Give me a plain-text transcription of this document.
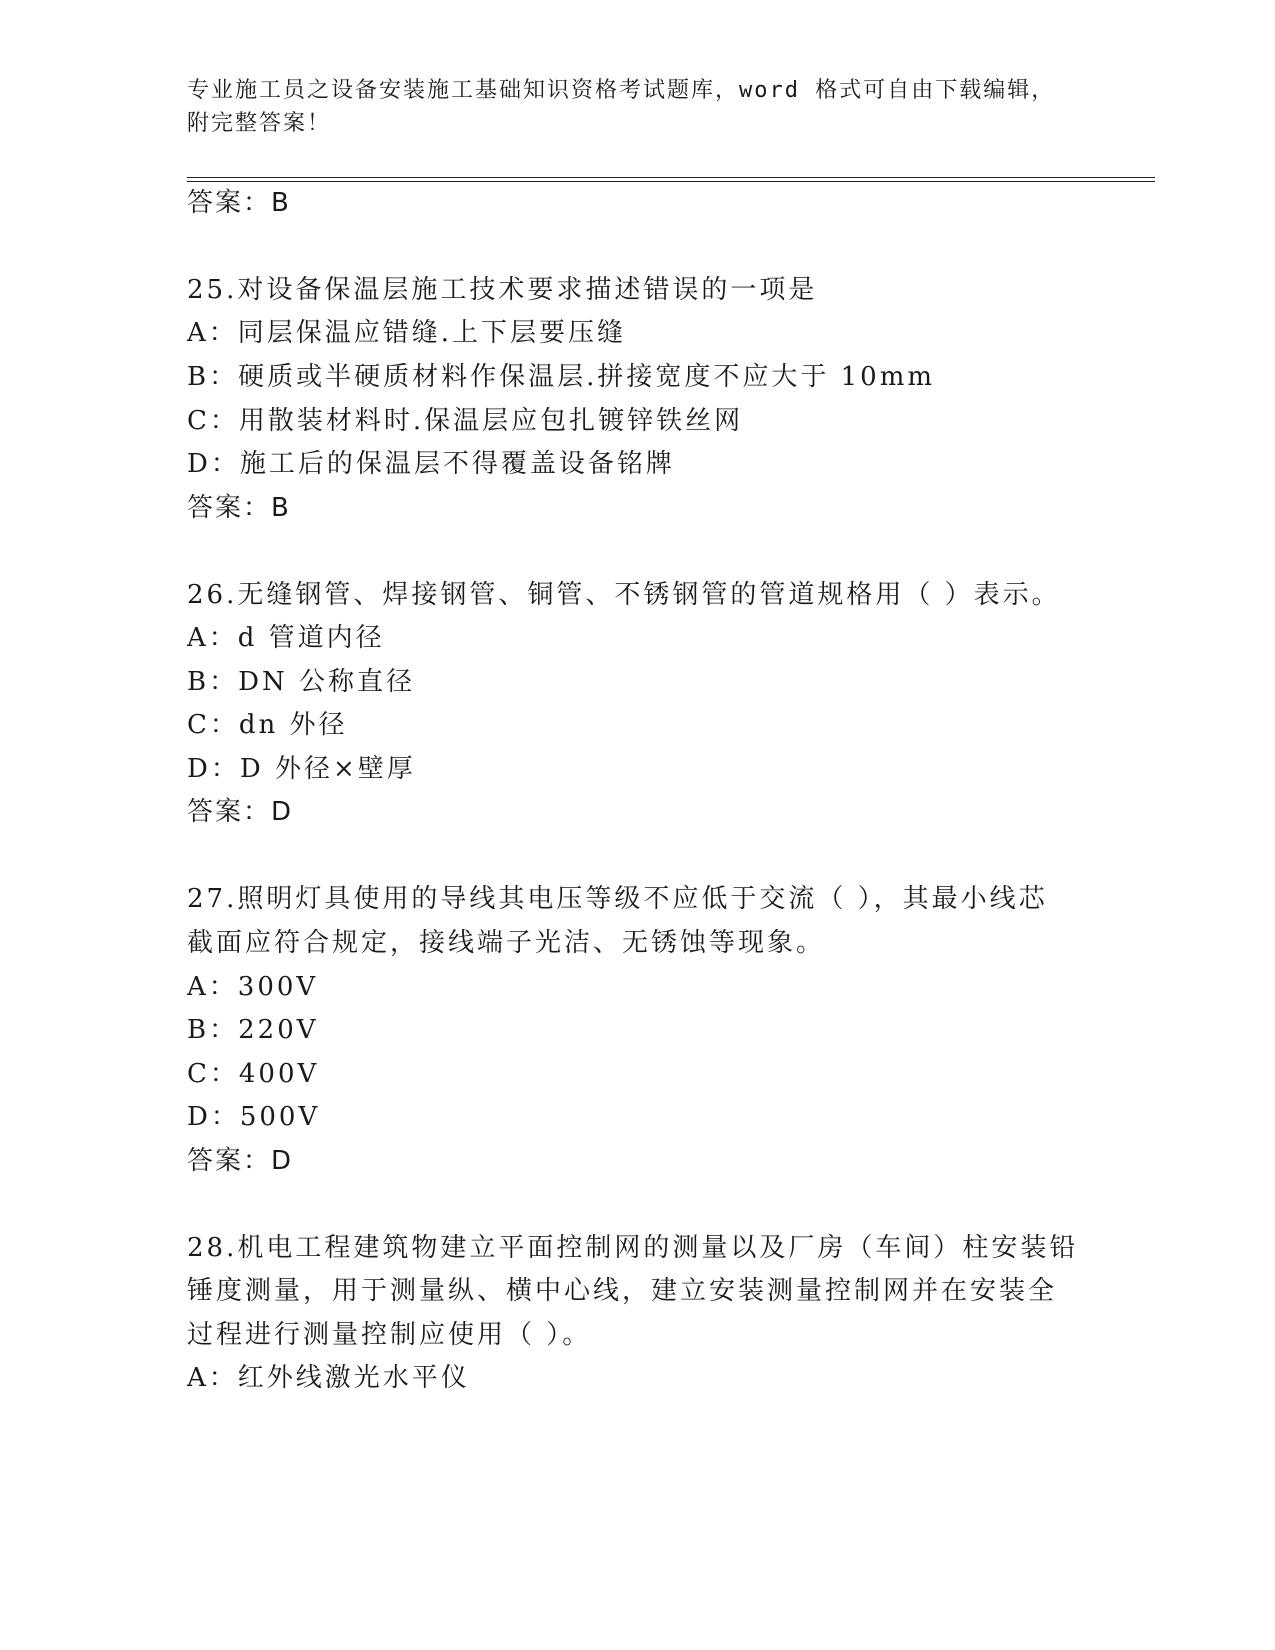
专业施工员之设备安装施工基础知识资格考试题库，word 格式可自由下载编辑，
附完整答案！
答案：B
25.对设备保温层施工技术要求描述错误的一项是
A：同层保温应错缝.上下层要压缝
B：硬质或半硬质材料作保温层.拼接宽度不应大于 10mm
C：用散装材料时.保温层应包扎镀锌铁丝网
D：施工后的保温层不得覆盖设备铭牌
答案：B
26.无缝钢管、焊接钢管、铜管、不锈钢管的管道规格用（ ）表示。
A：d 管道内径
B：DN 公称直径
C：dn 外径
D：D 外径×壁厚
答案：D
27.照明灯具使用的导线其电压等级不应低于交流（ ），其最小线芯
截面应符合规定，接线端子光洁、无锈蚀等现象。
A：300V
B：220V
C：400V
D：500V
答案：D
28.机电工程建筑物建立平面控制网的测量以及厂房（车间）柱安装铅
锤度测量，用于测量纵、横中心线，建立安装测量控制网并在安装全
过程进行测量控制应使用（ ）。
A：红外线激光水平仪
